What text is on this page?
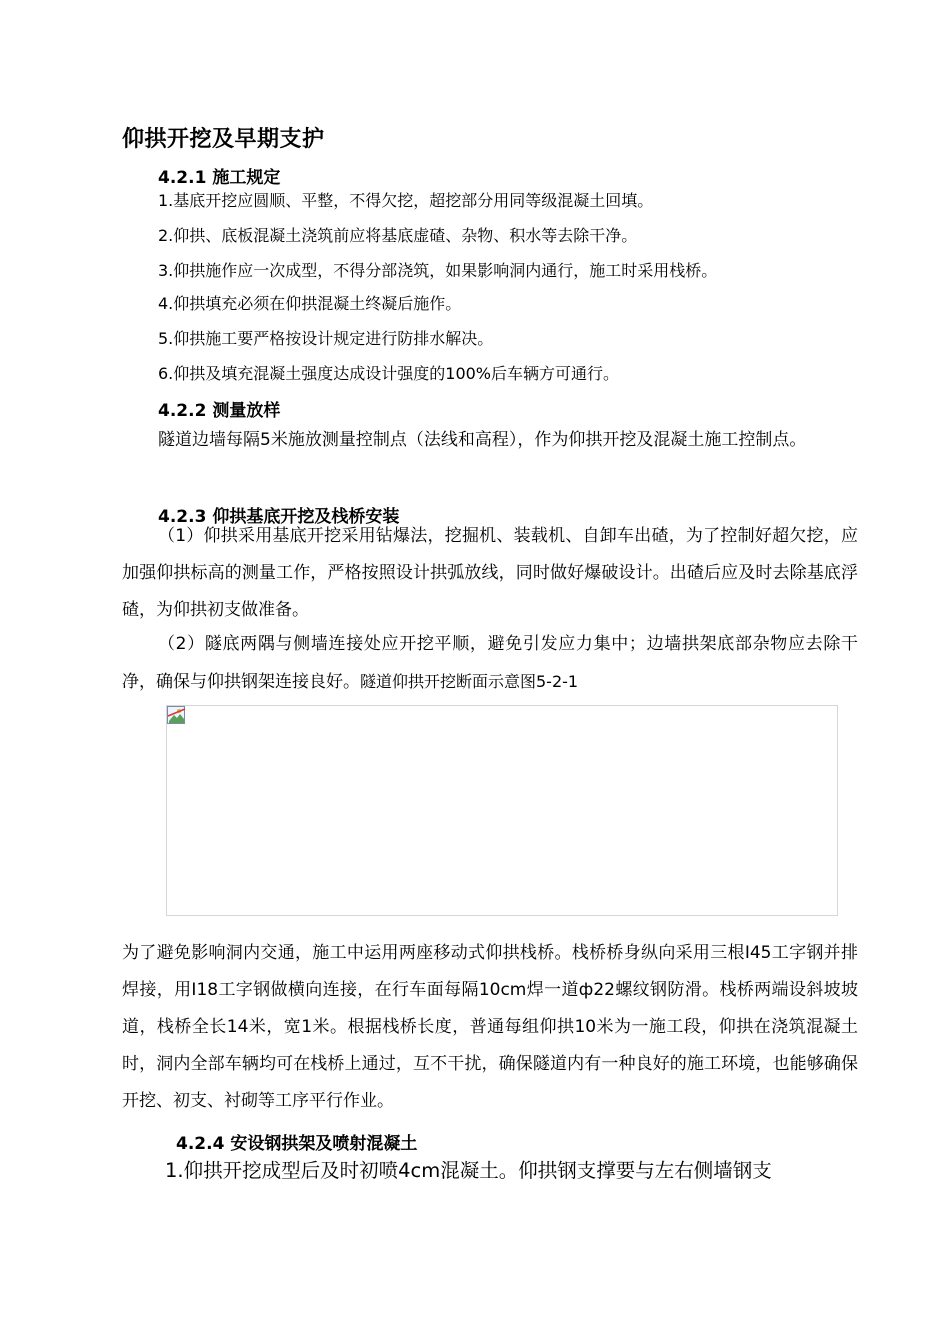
仰拱开挖及早期支护
4.2.1 施工规定
1.基底开挖应圆顺、平整，不得欠挖，超挖部分用同等级混凝土回填。
2.仰拱、底板混凝土浇筑前应将基底虚碴、杂物、积水等去除干净。
3.仰拱施作应一次成型，不得分部浇筑，如果影响洞内通行，施工时采用栈桥。
4.仰拱填充必须在仰拱混凝土终凝后施作。
5.仰拱施工要严格按设计规定进行防排水解决。
6.仰拱及填充混凝土强度达成设计强度的100%后车辆方可通行。
4.2.2 测量放样

隧道边墙每隔5米施放测量控制点（法线和高程），作为仰拱开挖及混凝土施工控制点。

4.2.3 仰拱基底开挖及栈桥安装

（1）仰拱采用基底开挖采用钻爆法，挖掘机、装载机、自卸车出碴，为了控制好超欠挖，应加强仰拱标高的测量工作，严格按照设计拱弧放线，同时做好爆破设计。出碴后应及时去除基底浮碴，为仰拱初支做准备。

（2）隧底两隅与侧墙连接处应开挖平顺，避免引发应力集中；边墙拱架底部杂物应去除干净，确保与仰拱钢架连接良好。隧道仰拱开挖断面示意图5-2-1

为了避免影响洞内交通，施工中运用两座移动式仰拱栈桥。栈桥桥身纵向采用三根I45工字钢并排焊接，用I18工字钢做横向连接，在行车面每隔10cm焊一道ф22螺纹钢防滑。栈桥两端设斜坡坡道，栈桥全长14米，宽1米。根据栈桥长度，普通每组仰拱10米为一施工段，仰拱在浇筑混凝土时，洞内全部车辆均可在栈桥上通过，互不干扰，确保隧道内有一种良好的施工环境，也能够确保开挖、初支、衬砌等工序平行作业。

4.2.4 安设钢拱架及喷射混凝土
1.仰拱开挖成型后及时初喷4cm混凝土。仰拱钢支撑要与左右侧墙钢支
